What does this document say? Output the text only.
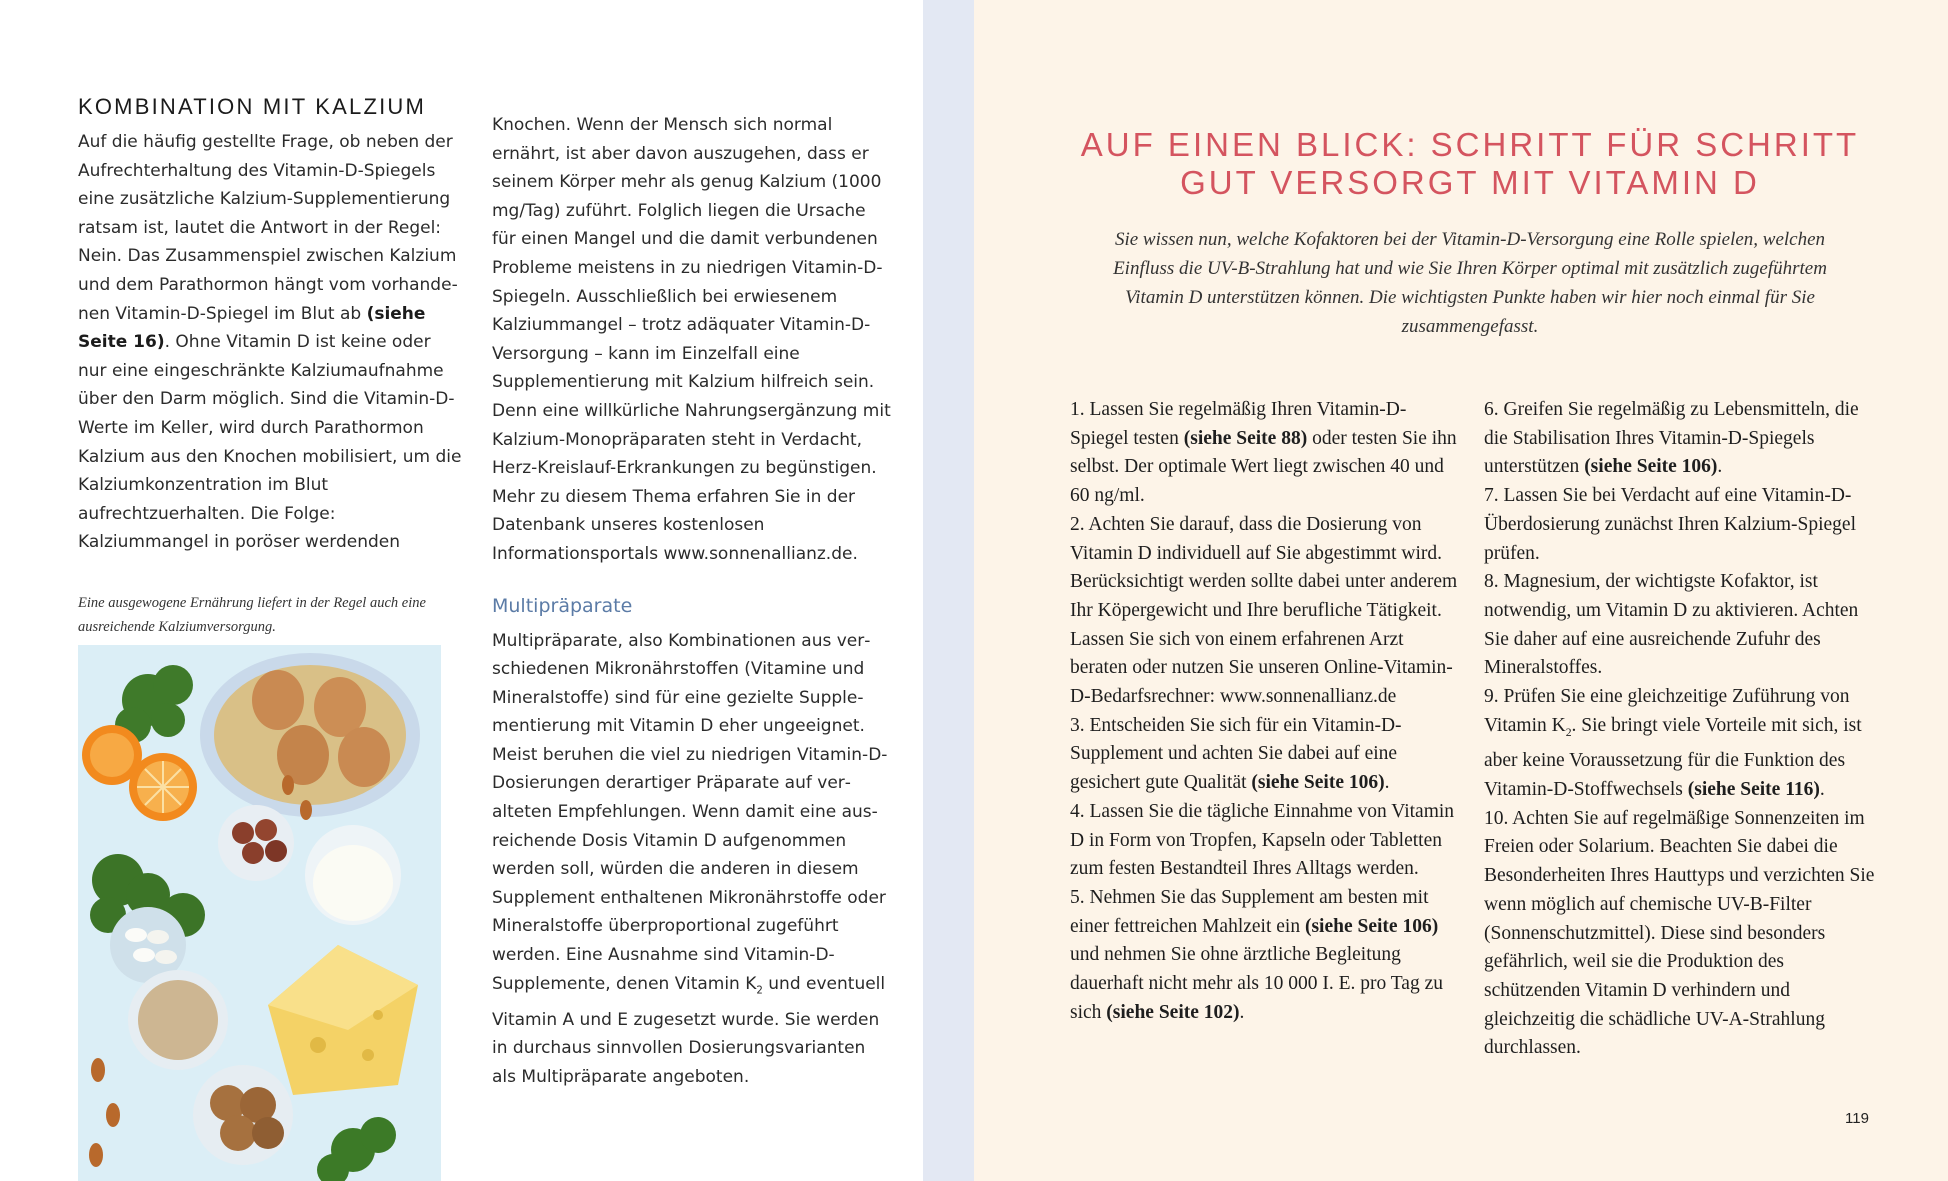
KOMBINATION MIT KALZIUM

Auf die häufig gestellte Frage, ob neben der Aufrechterhaltung des Vitamin-D-Spiegels eine zusätzliche Kalzium-Supplementierung ratsam ist, lautet die Antwort in der Regel: Nein. Das Zusammenspiel zwischen Kalzium und dem Parathormon hängt vom vorhandenen Vitamin-D-Spiegel im Blut ab (siehe Seite 16). Ohne Vitamin D ist keine oder nur eine eingeschränkte Kalziumaufnahme über den Darm möglich. Sind die Vitamin-D-Werte im Keller, wird durch Parathormon Kalzium aus den Knochen mobilisiert, um die Kalziumkonzentration im Blut aufrechtzuerhalten. Die Folge: Kalziummangel in poröser werdenden

Eine ausgewogene Ernährung liefert in der Regel auch eine ausreichende Kalziumversorgung.

Knochen. Wenn der Mensch sich normal ernährt, ist aber davon auszugehen, dass er seinem Körper mehr als genug Kalzium (1000 mg/Tag) zuführt. Folglich liegen die Ursache für einen Mangel und die damit verbundenen Probleme meistens in zu niedrigen Vitamin-D-Spiegeln. Ausschließlich bei erwiesenem Kalziummangel – trotz adäquater Vitamin-D-Versorgung – kann im Einzelfall eine Supplementierung mit Kalzium hilfreich sein. Denn eine willkürliche Nahrungsergänzung mit Kalzium-Monopräparaten steht in Verdacht, Herz-Kreislauf-Erkrankungen zu begünstigen. Mehr zu diesem Thema erfahren Sie in der Datenbank unseres kostenlosen Informationsportals www.sonnenallianz.de.

Multipräparate

Multipräparate, also Kombinationen aus verschiedenen Mikronährstoffen (Vitamine und Mineralstoffe) sind für eine gezielte Supplementierung mit Vitamin D eher ungeeignet. Meist beruhen die viel zu niedrigen Vitamin-D-Dosierungen derartiger Präparate auf veralteten Empfehlungen. Wenn damit eine ausreichende Dosis Vitamin D aufgenommen werden soll, würden die anderen in diesem Supplement enthaltenen Mikronährstoffe oder Mineralstoffe überproportional zugeführt werden. Eine Ausnahme sind Vitamin-D-Supplemente, denen Vitamin $K_2$ und eventuell Vitamin A und E zugesetzt wurde. Sie werden in durchaus sinnvollen Dosierungsvarianten als Multipräparate angeboten.

AUF EINEN BLICK: SCHRITT FÜR SCHRITT
GUT VERSORGT MIT VITAMIN D

Sie wissen nun, welche Kofaktoren bei der Vitamin-D-Versorgung eine Rolle spielen, welchen Einfluss die UV-B-Strahlung hat und wie Sie Ihren Körper optimal mit zusätzlich zugeführtem Vitamin D unterstützen können. Die wichtigsten Punkte haben wir hier noch einmal für Sie zusammengefasst.

1. Lassen Sie regelmäßig Ihren Vitamin-D-Spiegel testen (siehe Seite 88) oder testen Sie ihn selbst. Der optimale Wert liegt zwischen 40 und 60 ng/ml.

2. Achten Sie darauf, dass die Dosierung von Vitamin D individuell auf Sie abgestimmt wird. Berücksichtigt werden sollte dabei unter anderem Ihr Köpergewicht und Ihre berufliche Tätigkeit. Lassen Sie sich von einem erfahrenen Arzt beraten oder nutzen Sie unseren Online-Vitamin-D-Bedarfsrechner: www.sonnenallianz.de

3. Entscheiden Sie sich für ein Vitamin-D-Supplement und achten Sie dabei auf eine gesichert gute Qualität (siehe Seite 106).

4. Lassen Sie die tägliche Einnahme von Vitamin D in Form von Tropfen, Kapseln oder Tabletten zum festen Bestandteil Ihres Alltags werden.

5. Nehmen Sie das Supplement am besten mit einer fettreichen Mahlzeit ein (siehe Seite 106) und nehmen Sie ohne ärztliche Begleitung dauerhaft nicht mehr als 10 000 I. E. pro Tag zu sich (siehe Seite 102).

6. Greifen Sie regelmäßig zu Lebensmitteln, die die Stabilisation Ihres Vitamin-D-Spiegels unterstützen (siehe Seite 106).

7. Lassen Sie bei Verdacht auf eine Vitamin-D-Überdosierung zunächst Ihren Kalzium-Spiegel prüfen.

8. Magnesium, der wichtigste Kofaktor, ist notwendig, um Vitamin D zu aktivieren. Achten Sie daher auf eine ausreichende Zufuhr des Mineralstoffes.

9. Prüfen Sie eine gleichzeitige Zuführung von Vitamin $K_2$. Sie bringt viele Vorteile mit sich, ist aber keine Voraussetzung für die Funktion des Vitamin-D-Stoffwechsels (siehe Seite 116).

10. Achten Sie auf regelmäßige Sonnenzeiten im Freien oder Solarium. Beachten Sie dabei die Besonderheiten Ihres Hauttyps und verzichten Sie wenn möglich auf chemische UV-B-Filter (Sonnenschutzmittel). Diese sind besonders gefährlich, weil sie die Produktion des schützenden Vitamin D verhindern und gleichzeitig die schädliche UV-A-Strahlung durchlassen.

119
